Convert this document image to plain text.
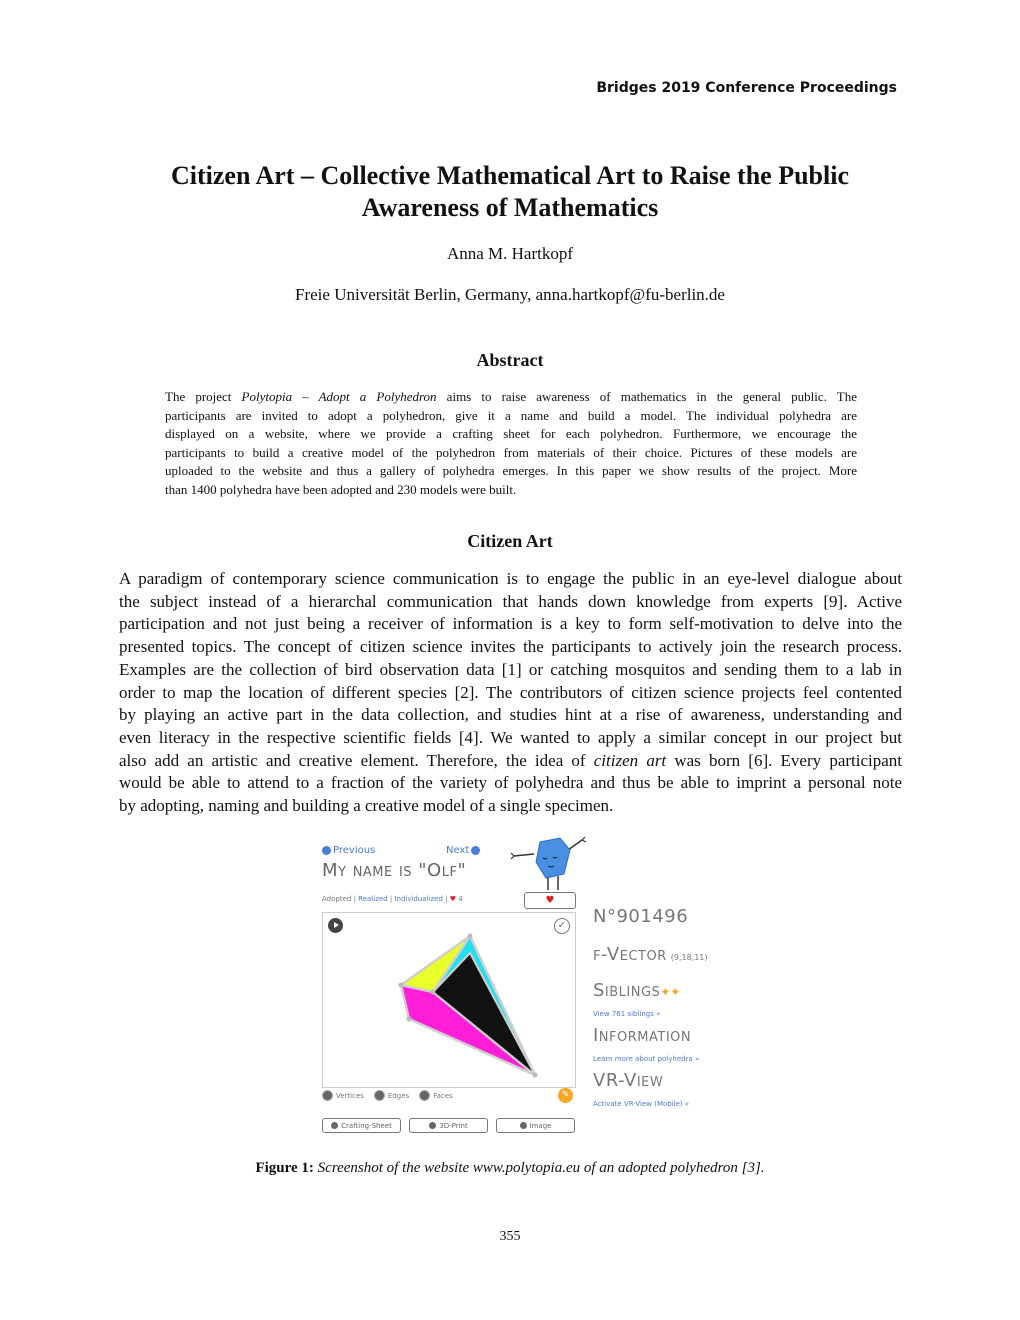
Bridges 2019 Conference Proceedings
Citizen Art – Collective Mathematical Art to Raise the Public
Awareness of Mathematics
Anna M. Hartkopf
Freie Universität Berlin, Germany, anna.hartkopf@fu-berlin.de
Abstract
The project Polytopia – Adopt a Polyhedron aims to raise awareness of mathematics in the general public. The
participants are invited to adopt a polyhedron, give it a name and build a model. The individual polyhedra are
displayed on a website, where we provide a crafting sheet for each polyhedron. Furthermore, we encourage the
participants to build a creative model of the polyhedron from materials of their choice. Pictures of these models are
uploaded to the website and thus a gallery of polyhedra emerges. In this paper we show results of the project. More
than 1400 polyhedra have been adopted and 230 models were built.
Citizen Art
A paradigm of contemporary science communication is to engage the public in an eye-level dialogue about
the subject instead of a hierarchal communication that hands down knowledge from experts [9]. Active
participation and not just being a receiver of information is a key to form self-motivation to delve into the
presented topics. The concept of citizen science invites the participants to actively join the research process.
Examples are the collection of bird observation data [1] or catching mosquitos and sending them to a lab in
order to map the location of different species [2]. The contributors of citizen science projects feel contented
by playing an active part in the data collection, and studies hint at a rise of awareness, understanding and
even literacy in the respective scientific fields [4]. We wanted to apply a similar concept in our project but
also add an artistic and creative element. Therefore, the idea of citizen art was born [6]. Every participant
would be able to attend to a fraction of the variety of polyhedra and thus be able to imprint a personal note
by adopting, naming and building a creative model of a single specimen.
Previous	Next
My name is "Olf"
Adopted | Realized | Individualized | ♥ 4	♥
✓
Vertices	Edges	Faces	✎
Crafting-Sheet	3D-Print	Image
N°901496
f-Vector (9,18,11)
Siblings✦✦
View 761 siblings »
Information
Learn more about polyhedra »
VR-View
Activate VR-View (Mobile) »
Figure 1: Screenshot of the website www.polytopia.eu of an adopted polyhedron [3].
355
